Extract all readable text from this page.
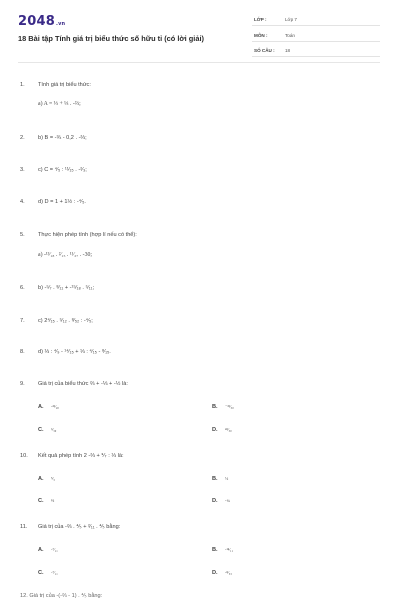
2048.vn
18 Bài tập Tính giá trị biểu thức số hữu tỉ (có lời giải)
LỚP :	Lớp 7
MÔN :	Toán
SỐ CÂU : 18
1. Tính giá trị biểu thức:
a) A = ⅓ + ⅓ . -⅔;
2. b) B = -¾ - 0,2 . -⅔;
3. c) C = ⁴⁄₅ : ¹¹⁄₁₅ . -²⁄₃;
4. d) D = 1 + 1½ : -⁴⁄₅.
5. Thực hiện phép tính (hợp lí nếu có thể):
a) -¹³⁄₁₈ . ²⁄₁₅ . ¹¹⁄₂₇ . -30;
6. b) -⁵⁄₇ . ⁸⁄₁₁ + -¹⁵⁄₁₈ . ⁵⁄₁₁;
7. c) 2⁴⁄₁₅ . ⁵⁄₁₂ . ⁸⁄₅₂ : -⁴⁄₅;
8. d) ⅓ : ⁴⁄₉ - ¹⁴⁄₁₅ + ⅓ : ⁴⁄₁₅ - ⁸⁄₁₅.
9. Giá trị của biểu thức ⅔ + -⅓ + -½ là:
A. -²³⁄₂₀	B. ⁻³³⁄₃₀
C. ⁶⁄₃₀	D. ⁴³⁄₃₀
10. Kết quả phép tính 2 -⅔ + ⅐ : ⅓ là:
A. ⁵⁄₃	B. ⅓
C. ⅔	D. -¼
11. Giá trị của -⅔ . ⅘ + ²⁄₁₁ . ⅘ bằng:
A. -⁷⁄₁₁	B. -¹⁴⁄₁₁
C. -⁷⁄₁₁	D. -⁸⁄₃₃
12. Giá trị của -(-⅔ - 1) . ⅘ bằng:
